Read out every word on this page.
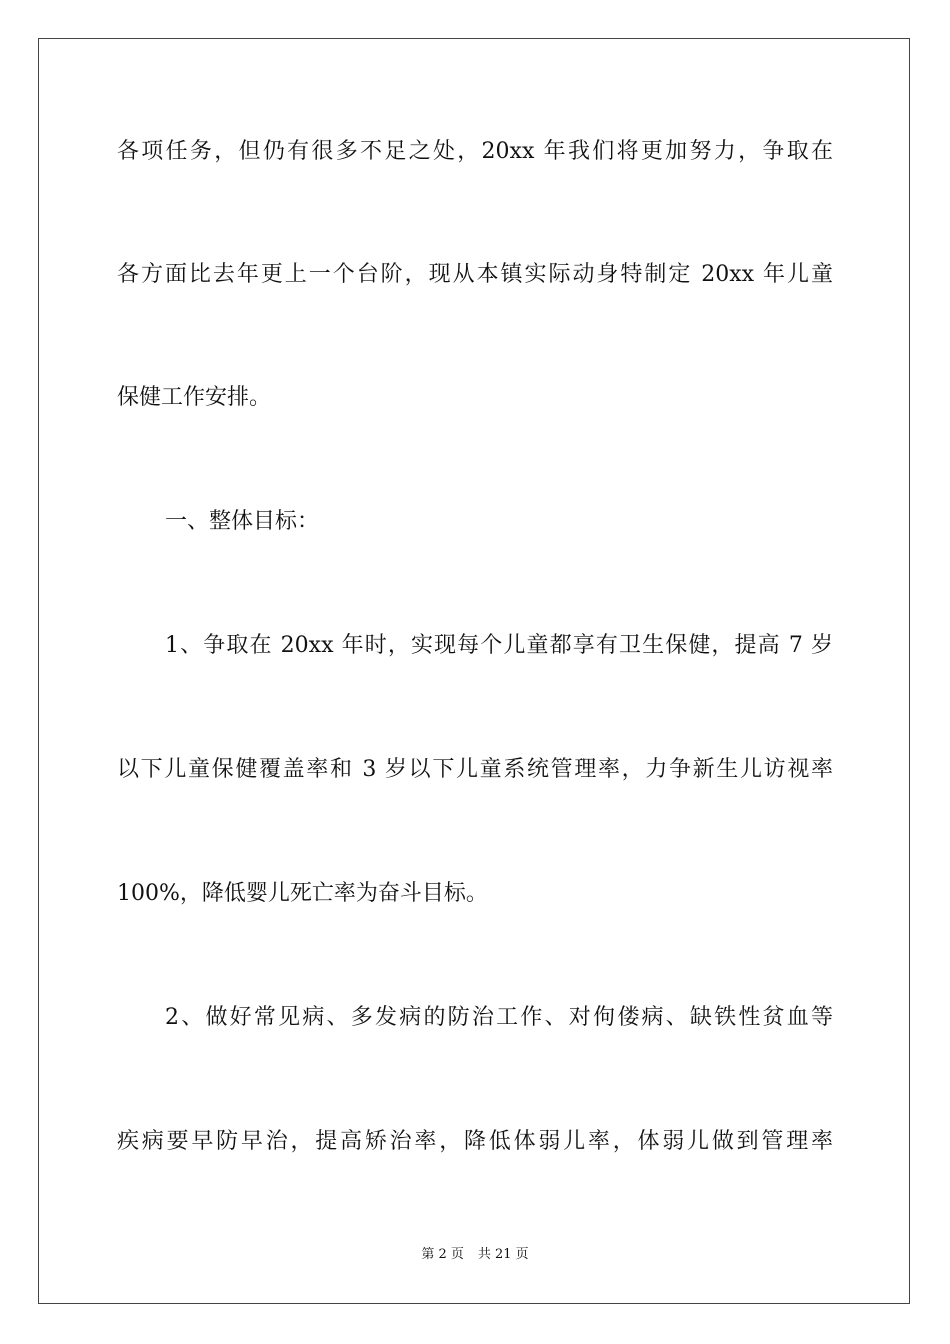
各项任务，但仍有很多不足之处，20xx 年我们将更加努力，争取在
各方面比去年更上一个台阶，现从本镇实际动身特制定 20xx 年儿童
保健工作安排。
一、整体目标：
1、争取在 20xx 年时，实现每个儿童都享有卫生保健，提高 7 岁
以下儿童保健覆盖率和 3 岁以下儿童系统管理率，力争新生儿访视率
100%，降低婴儿死亡率为奋斗目标。
2、做好常见病、多发病的防治工作、对佝偻病、缺铁性贫血等
疾病要早防早治，提高矫治率，降低体弱儿率，体弱儿做到管理率
第 2 页 共 21 页
